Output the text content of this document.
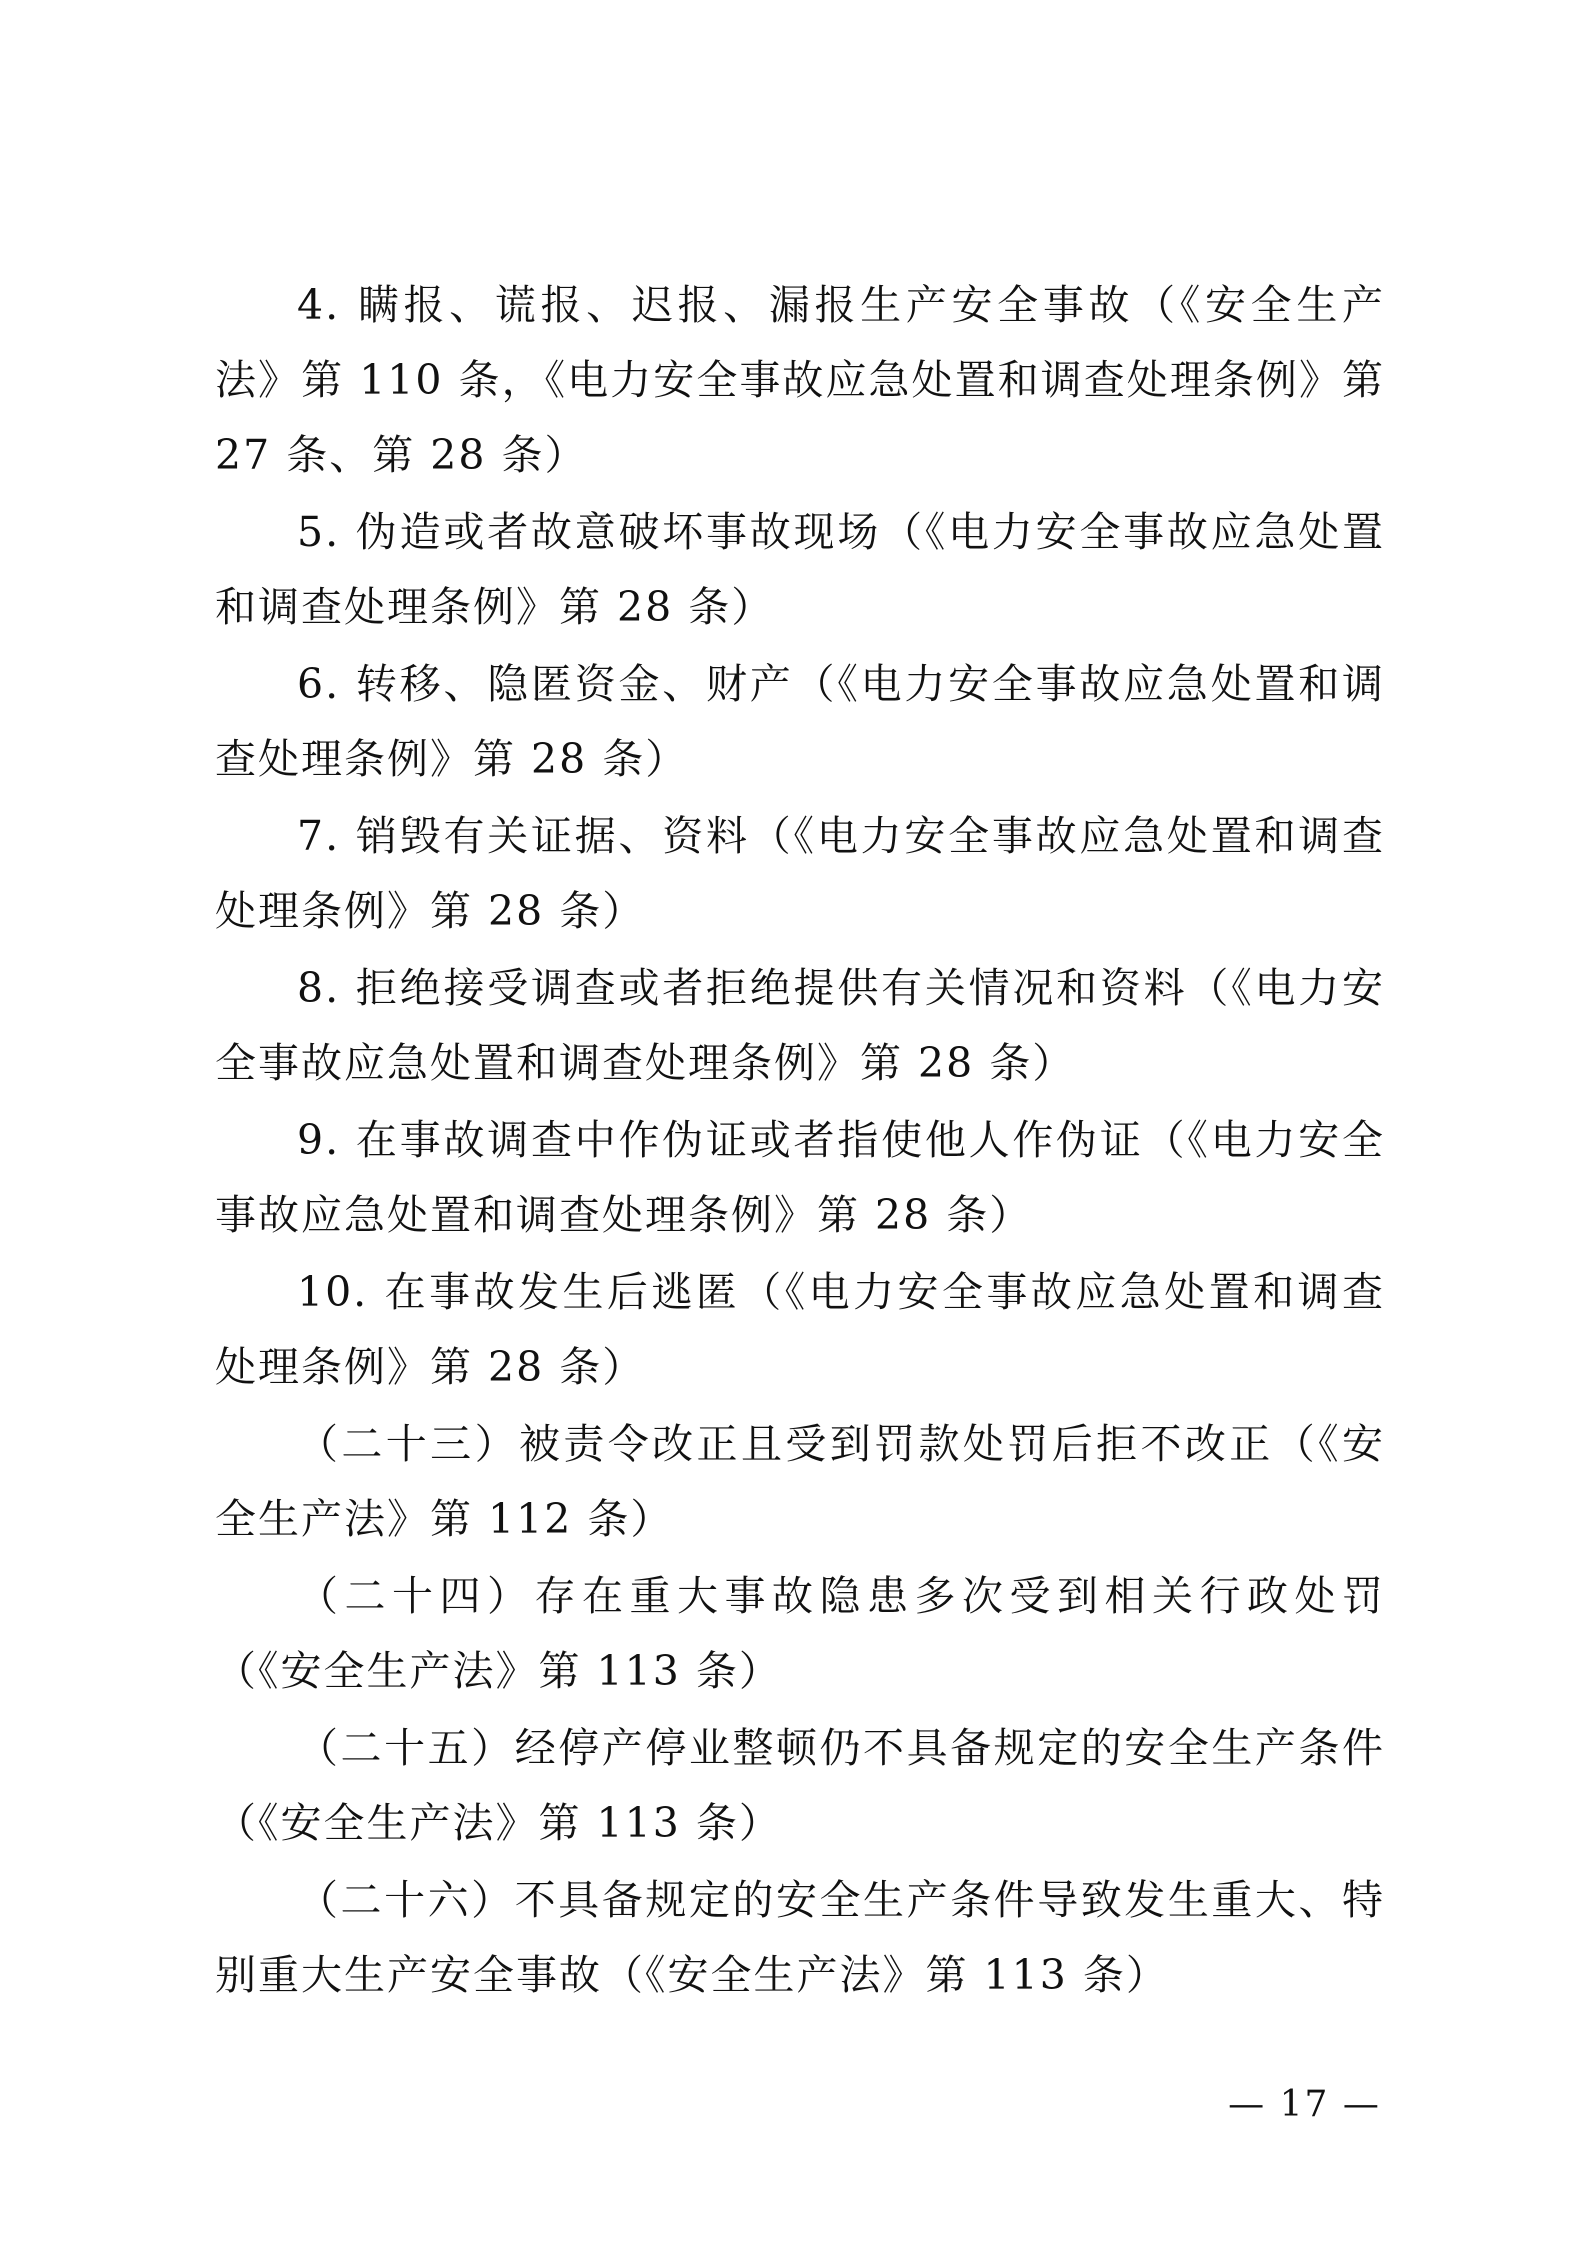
4. 瞒报、谎报、迟报、漏报生产安全事故（《安全生产法》第 110 条，《电力安全事故应急处置和调查处理条例》第 27 条、第 28 条）

5. 伪造或者故意破坏事故现场（《电力安全事故应急处置和调查处理条例》第 28 条）

6. 转移、隐匿资金、财产（《电力安全事故应急处置和调查处理条例》第 28 条）

7. 销毁有关证据、资料（《电力安全事故应急处置和调查处理条例》第 28 条）

8. 拒绝接受调查或者拒绝提供有关情况和资料（《电力安全事故应急处置和调查处理条例》第 28 条）

9. 在事故调查中作伪证或者指使他人作伪证（《电力安全事故应急处置和调查处理条例》第 28 条）

10. 在事故发生后逃匿（《电力安全事故应急处置和调查处理条例》第 28 条）

（二十三）被责令改正且受到罚款处罚后拒不改正（《安全生产法》第 112 条）

（二十四）存在重大事故隐患多次受到相关行政处罚（《安全生产法》第 113 条）

（二十五）经停产停业整顿仍不具备规定的安全生产条件（《安全生产法》第 113 条）

（二十六）不具备规定的安全生产条件导致发生重大、特别重大生产安全事故（《安全生产法》第 113 条）

— 17 —
